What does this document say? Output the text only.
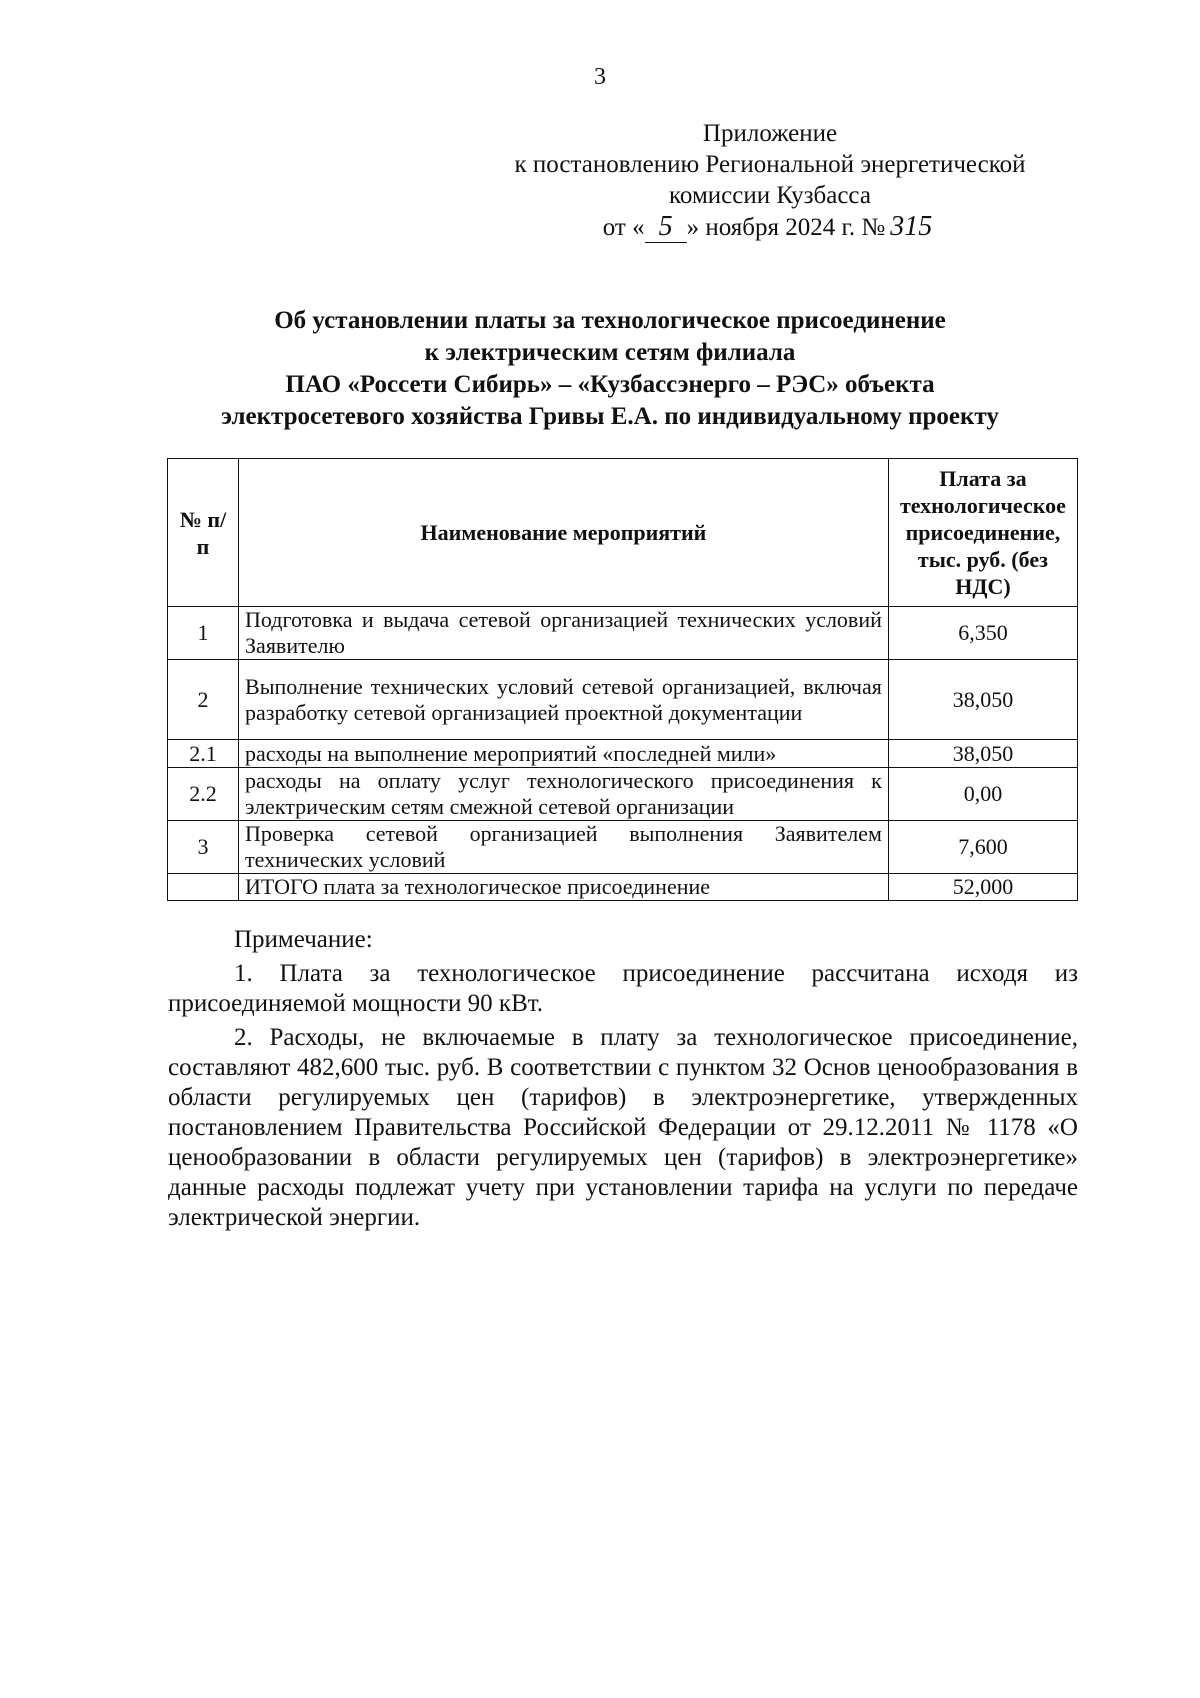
3
Приложение
к постановлению Региональной энергетической
комиссии Кузбасса
от « 5 » ноября 2024 г. № 315
Об установлении платы за технологическое присоединение
к электрическим сетям филиала
ПАО «Россети Сибирь» – «Кузбассэнерго – РЭС» объекта
электросетевого хозяйства Гривы Е.А. по индивидуальному проекту
№ п/п	Наименование мероприятий	Плата за технологическое присоединение, тыс. руб. (без НДС)
1	Подготовка и выдача сетевой организацией технических условий Заявителю	6,350
2	Выполнение технических условий сетевой организацией, включая разработку сетевой организацией проектной документации	38,050
2.1	расходы на выполнение мероприятий «последней мили»	38,050
2.2	расходы на оплату услуг технологического присоединения к электрическим сетям смежной сетевой организации	0,00
3	Проверка сетевой организацией выполнения Заявителем технических условий	7,600
	ИТОГО плата за технологическое присоединение	52,000
Примечание:
1. Плата за технологическое присоединение рассчитана исходя из присоединяемой мощности 90 кВт.
2. Расходы, не включаемые в плату за технологическое присоединение, составляют 482,600 тыс. руб. В соответствии с пунктом 32 Основ ценообразования в области регулируемых цен (тарифов) в электроэнергетике, утвержденных постановлением Правительства Российской Федерации от 29.12.2011 № 1178 «О ценообразовании в области регулируемых цен (тарифов) в электроэнергетике» данные расходы подлежат учету при установлении тарифа на услуги по передаче электрической энергии.
